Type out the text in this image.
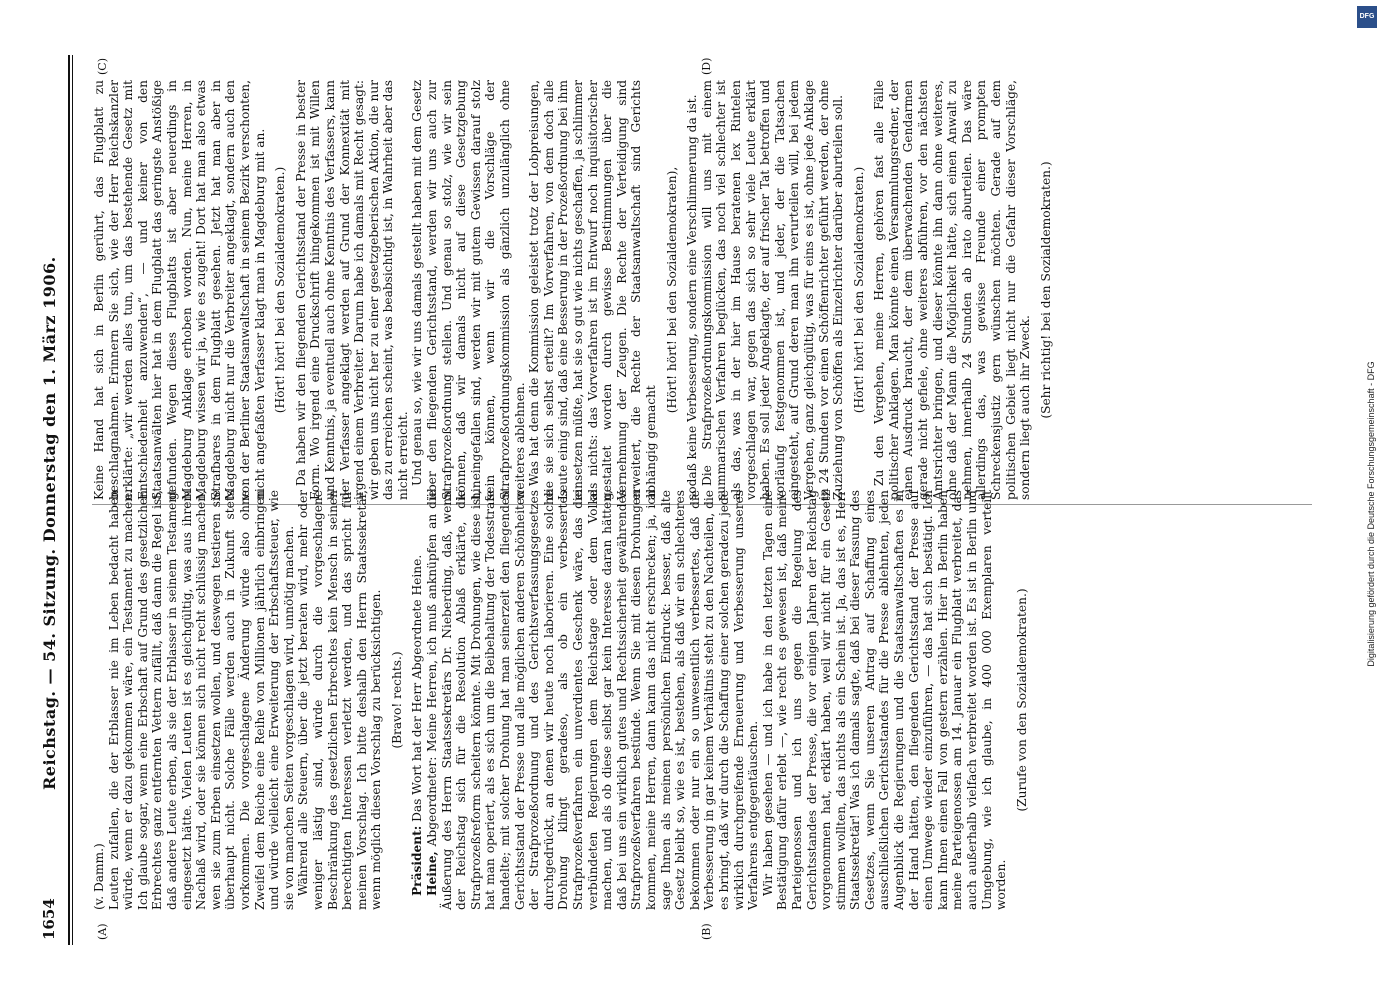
DFG
Digitalisierung gefördert durch die Deutsche Forschungsgemeinschaft - DFG
1654
Reichstag. — 54. Sitzung. Donnerstag den 1. März 1906.
(A)	(B)
(C)	(D)

(v. Damm.) Leuten zufallen, die der Erblasser nie im Leben bedacht haben würde, wenn er dazu gekommen wäre, ein Testament zu machen. Ich glaube sogar, wenn eine Erbschaft auf Grund des gesetzlichen Erbrechtes ganz entfernten Vettern zufällt, daß dann die Regel ist, daß andere Leute erben, als sie der Erblasser in seinem Testament eingesetzt hätte. Vielen Leuten ist es gleichgültig, was aus ihrem Nachlaß wird, oder sie können sich nicht recht schlüssig machen, wen sie zum Erben einsetzen wollen, und deswegen testieren sie überhaupt nicht. Solche Fälle werden auch in Zukunft stets vorkommen. Die vorgeschlagene Änderung würde also ohne Zweifel dem Reiche eine Reihe von Millionen jährlich einbringen und würde vielleicht eine Erweiterung der Erbschaftssteuer, wie sie von manchen Seiten vorgeschlagen wird, unnötig machen. Während alle Steuern, über die jetzt beraten wird, mehr oder weniger lästig sind, würde durch die vorgeschlagene Beschränkung des gesetzlichen Erbrechtes kein Mensch in seinen berechtigten Interessen verletzt werden, und das spricht für meinen Vorschlag. Ich bitte deshalb den Herrn Staatssekretär, wenn möglich diesen Vorschlag zu berücksichtigen. (Bravo! rechts.)

Präsident: Das Wort hat der Herr Abgeordnete Heine.

Heine, Abgeordneter: Meine Herren, ich muß anknüpfen an die Äußerung des Herrn Staatssekretärs Dr. Nieberding, daß, wenn der Reichstag sich für die Resolution Ablaß erklärte, die Strafprozeßreform scheitern könnte. Mit Drohungen, wie diese ist, hat man operiert, als es sich um die Beibehaltung der Todesstrafe handelte; mit solcher Drohung hat man seinerzeit den fliegenden Gerichtsstand der Presse und alle möglichen anderen Schönheiten der Strafprozeßordnung und des Gerichtsverfassungsgesetzes durchgedrückt, an denen wir heute noch laborieren. Eine solche Drohung klingt geradeso, als ob ein verbessertes Strafprozeßverfahren ein unverdientes Geschenk wäre, das die verbündeten Regierungen dem Reichstage oder dem Volke machen, und als ob diese selbst gar kein Interesse daran hätten, daß bei uns ein wirklich gutes und Rechtssicherheit gewährendes Strafprozeßverfahren bestünde. Wenn Sie mit diesen Drohungen kommen, meine Herren, dann kann das nicht erschrecken; ja, ich sage Ihnen als meinen persönlichen Eindruck: besser, daß alte Gesetz bleibt so, wie es ist, bestehen, als daß wir ein schlechteres bekommen oder nur ein so unwesentlich verbessertes, daß die Verbesserung in gar keinem Verhältnis steht zu den Nachteilen, die es bringt, daß wir durch die Schaffung einer solchen geradezu jede wirklich durchgreifende Erneuerung und Verbesserung unseres Verfahrens entgegentäuschen. Wir haben gesehen — und ich habe in den letzten Tagen eine Bestätigung dafür erlebt —, wie recht es gewesen ist, daß meine Parteigenossen und ich uns gegen die Regelung des Gerichtsstandes der Presse, die vor einigen Jahren der Reichstag vorgenommen hat, erklärt haben, weil wir nicht für ein Gesetz stimmen wollten, das nichts als ein Schein ist. Ja, das ist es, Herr Staatssekretär! Was ich damals sagte, daß bei dieser Fassung des Gesetzes, wenn Sie unseren Antrag auf Schaffung eines ausschließlichen Gerichtsstandes für die Presse ablehnten, jeden Augenblick die Regierungen und die Staatsanwaltschaften es in der Hand hätten, den fliegenden Gerichtsstand der Presse auf einen Umwege wieder einzuführen, — das hat sich bestätigt. Ich kann Ihnen einen Fall von gestern erzählen. Hier in Berlin haben meine Parteigenossen am 14. Januar ein Flugblatt verbreitet, das auch außerhalb vielfach verbreitet worden ist. Es ist in Berlin und Umgebung, wie ich glaube, in 400 000 Exemplaren verteilt worden.

(Zurufe von den Sozialdemokraten.)

Keine Hand hat sich in Berlin gerührt, das Flugblatt zu beschlagnahmen. Erinnern Sie sich, wie der Herr Reichskanzler erklärte: „wir werden alles tun, um das bestehende Gesetz mit Entschiedenheit anzuwenden“, — und keiner von den Staatsanwälten hier hat in dem Flugblatt das geringste Anstößige gefunden. Wegen dieses Flugblatts ist aber neuerdings in Magdeburg Anklage erhoben worden. Nun, meine Herren, in Magdeburg wissen wir ja, wie es zugeht! Dort hat man also etwas Strafbares in dem Flugblatt gesehen. Jetzt hat man aber in Magdeburg nicht nur die Verbreiter angeklagt, sondern auch den von der Berliner Staatsanwaltschaft in seinem Bezirk verschonten, nicht angefaßten Verfasser klagt man in Magdeburg mit an. (Hört! hört! bei den Sozialdemokraten.) Da haben wir den fliegenden Gerichtsstand der Presse in bester Form. Wo irgend eine Druckschrift hingekommen ist mit Willen und Kenntnis, ja eventuell auch ohne Kenntnis des Verfassers, kann der Verfasser angeklagt werden auf Grund der Konnexität mit irgend einem Verbreiter. Darum habe ich damals mit Recht gesagt: wir geben uns nicht her zu einer gesetzgeberischen Aktion, die nur das zu erreichen scheint, was beabsichtigt ist, in Wahrheit aber das nicht erreicht. Und genau so, wie wir uns damals gestellt haben mit dem Gesetz über den fliegenden Gerichtsstand, werden wir uns auch zur Strafprozeßordnung stellen. Und genau so stolz, wie wir sein können, daß wir damals nicht auf diese Gesetzgebung hineingefallen sind, werden wir mit gutem Gewissen darauf stolz sein können, wenn wir die Vorschläge der Strafprozeßordnungskommission als gänzlich unzulänglich ohne weiteres ablehnen. Was hat denn die Kommission geleistet trotz der Lobpreisungen, die sie sich selbst erteilt? Im Vorverfahren, von dem doch alle Leute einig sind, daß eine Besserung in der Prozeßordnung bei ihm einsetzen müßte, hat sie so gut wie nichts geschaffen, ja schlimmer als nichts: das Vorverfahren ist im Entwurf noch inquisitorischer gestaltet worden durch gewisse Bestimmungen über die Vernehmung der Zeugen. Die Rechte der Verteidigung sind erweitert, die Rechte der Staatsanwaltschaft sind Gerichts abhängig gemacht

(Hört! hört! bei den Sozialdemokraten), sodaß keine Verbesserung, sondern eine Verschlimmerung da ist. Die Strafprozeßordnungskommission will uns mit einem summarischen Verfahren beglücken, das noch viel schlechter ist als das, was in der hier im Hause beratenen lex Rintelen vorgeschlagen war, gegen das sich so sehr viele Leute erklärt haben. Es soll jeder Angeklagte, der auf frischer Tat betroffen und vorläufig festgenommen ist, und jeder, der die Tatsachen eingesteht, auf Grund deren man ihn verurteilen will, bei jedem Vergehen, ganz gleichgültig, was für eins es ist, ohne jede Anklage in 24 Stunden vor einen Schöffenrichter geführt werden, der ohne Zuziehung von Schöffen als Einzelrichter darüber aburteilen soll. (Hört! hört! bei den Sozialdemokraten.) Zu den Vergehen, meine Herren, gehören fast alle Fälle politischer Anklagen. Man könnte einen Versammlungsredner, der einen Ausdruck braucht, der dem überwachenden Gendarmen gerade nicht gefiele, ohne weiteres abführen, vor den nächsten Amtsrichter bringen, und dieser könnte ihn dann ohne weiteres, ohne daß der Mann die Möglichkeit hätte, sich einen Anwalt zu nehmen, innerhalb 24 Stunden ab irato aburteilen. Das wäre allerdings das, was gewisse Freunde einer prompten Schreckensjustiz gern wünschen möchten. Gerade auf dem politischen Gebiet liegt nicht nur die Gefahr dieser Vorschläge, sondern liegt auch ihr Zweck. (Sehr richtig! bei den Sozialdemokraten.)
